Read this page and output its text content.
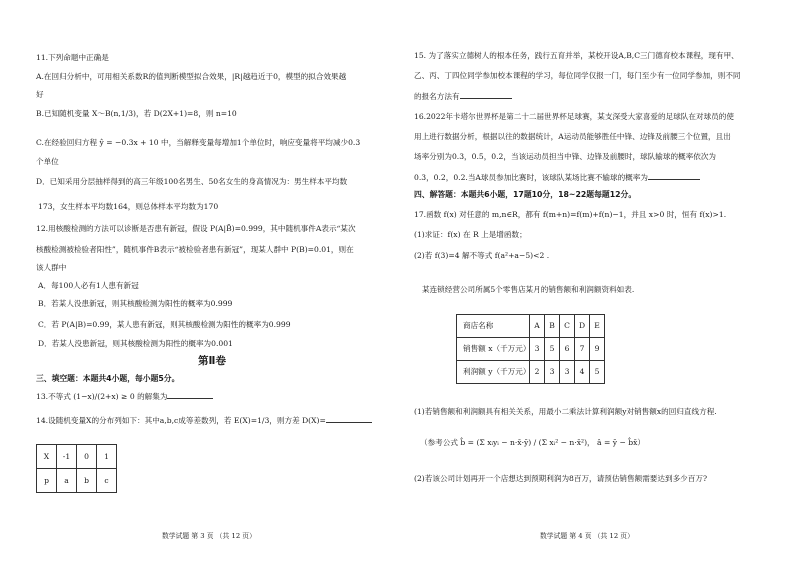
11.下列命题中正确是
A.在回归分析中，可用相关系数R的值判断模型拟合效果，|R|越趋近于0，模型的拟合效果越
好
B.已知随机变量 X～B(n,1/3)，若 D(2X+1)=8，则 n=10
C.在经验回归方程 ŷ = −0.3x + 10 中，当解释变量每增加1个单位时，响应变量将平均减少0.3
个单位
D．已知采用分层抽样得到的高三年级100名男生、50名女生的身高情况为：男生样本平均数
173，女生样本平均数164，则总体样本平均数为170
12.用核酸检测的方法可以诊断是否患有新冠，假设 P(A|B̄)=0.999，其中随机事件A表示“某次
核酸检测被检验者阳性”，随机事件B表示“被检验者患有新冠”，现某人群中 P(B)=0.01，则在
该人群中
A．每100人必有1人患有新冠
B．若某人没患新冠，则其核酸检测为阳性的概率为0.999
C．若 P(A|B)=0.99，某人患有新冠，则其核酸检测为阳性的概率为0.999
D．若某人没患新冠，则其核酸检测为阳性的概率为0.001
第Ⅱ卷
三、填空题：本题共4小题，每小题5分。
13.不等式 (1−x)/(2+x) ≥ 0 的解集为
14.设随机变量X的分布列如下：其中a,b,c成等差数列，若 E(X)=1/3，则方差 D(X)=
X	-1	0	1
p	a	b	c
数学试题 第 3 页 （共 12 页）
15. 为了落实立德树人的根本任务，践行五育并举，某校开设A,B,C三门德育校本课程，现有甲、
乙、丙、丁四位同学参加校本课程的学习，每位同学仅报一门，每门至少有一位同学参加，则不同
的报名方法有
16.2022年卡塔尔世界杯是第二十二届世界杯足球赛，某支深受大家喜爱的足球队在对球员的使
用上进行数据分析，根据以往的数据统计，A运动员能够胜任中锋、边锋及前腰三个位置，且出
场率分别为0.3，0.5，0.2，当该运动员担当中锋、边锋及前腰时，球队输球的概率依次为
0.3，0.2，0.2.当A球员参加比赛时，该球队某场比赛不输球的概率为
四、解答题：本题共6小题，17题10分，18~22题每题12分。
17.函数 f(x) 对任意的 m,n∈R，都有 f(m+n)=f(m)+f(n)−1，并且 x>0 时，恒有 f(x)>1.
(1)求证：f(x) 在 R 上是增函数；
(2)若 f(3)=4 解不等式 f(a²+a−5)<2 .
某连锁经营公司所属5个零售店某月的销售额和利润额资料如表.
商店名称	A	B	C	D	E
销售额 x（千万元）	3	5	6	7	9
利润额 y（千万元）	2	3	3	4	5
(1)若销售额和利润额具有相关关系，用最小二乘法计算利润额y对销售额x的回归直线方程.
（参考公式 b̂ = (Σ xᵢyᵢ − n·x̄·ȳ) / (Σ xᵢ² − n·x̄²)， â = ȳ − b̂x̄）
(2)若该公司计划再开一个店想达到预期利润为8百万，请预估销售额需要达到多少百万?
数学试题 第 4 页 （共 12 页）
